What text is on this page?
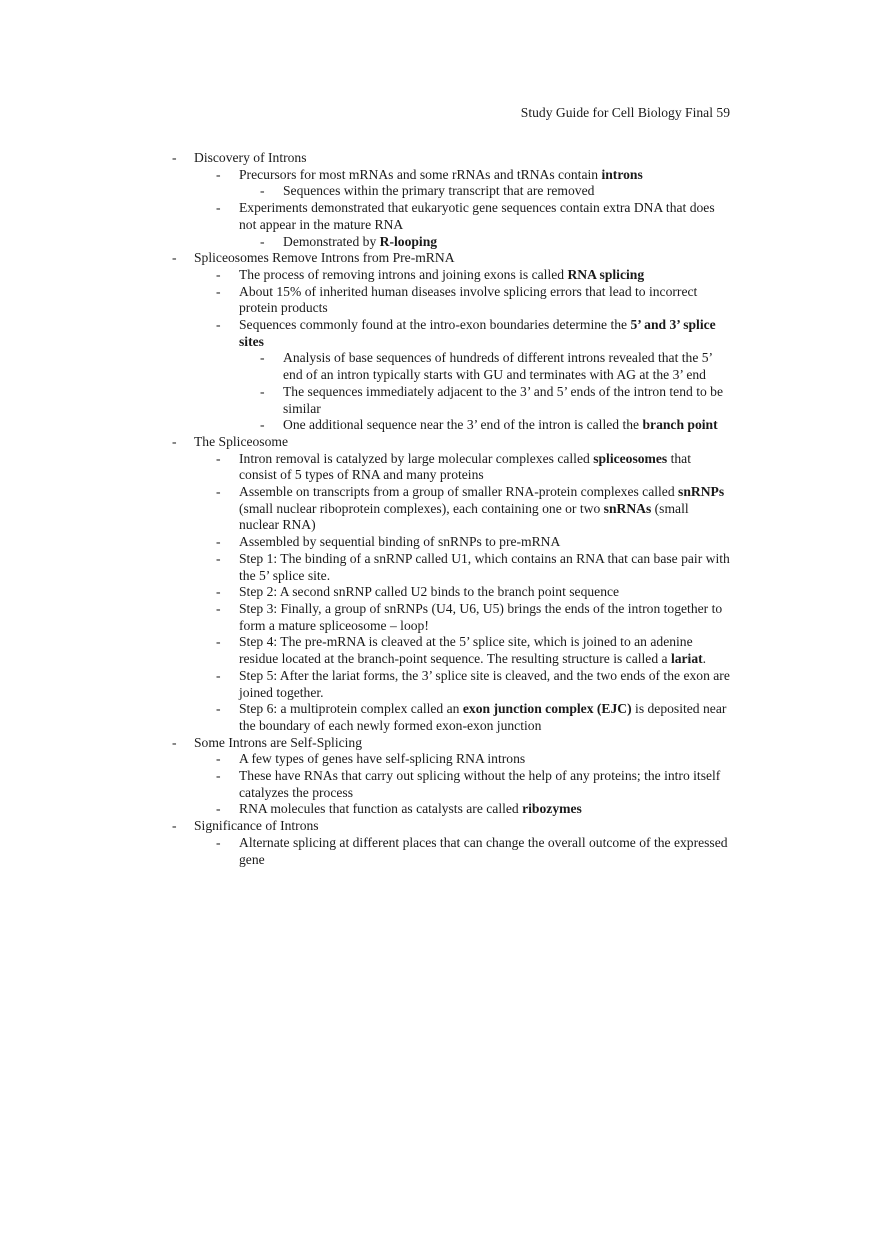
Study Guide for Cell Biology Final 59
- Discovery of Introns
- Precursors for most mRNAs and some rRNAs and tRNAs contain introns
- Sequences within the primary transcript that are removed
- Experiments demonstrated that eukaryotic gene sequences contain extra DNA that does not appear in the mature RNA
- Demonstrated by R-looping
- Spliceosomes Remove Introns from Pre-mRNA
- The process of removing introns and joining exons is called RNA splicing
- About 15% of inherited human diseases involve splicing errors that lead to incorrect protein products
- Sequences commonly found at the intro-exon boundaries determine the 5’ and 3’ splice sites
- Analysis of base sequences of hundreds of different introns revealed that the 5’ end of an intron typically starts with GU and terminates with AG at the 3’ end
- The sequences immediately adjacent to the 3’ and 5’ ends of the intron tend to be similar
- One additional sequence near the 3’ end of the intron is called the branch point
- The Spliceosome
- Intron removal is catalyzed by large molecular complexes called spliceosomes that consist of 5 types of RNA and many proteins
- Assemble on transcripts from a group of smaller RNA-protein complexes called snRNPs (small nuclear riboprotein complexes), each containing one or two snRNAs (small nuclear RNA)
- Assembled by sequential binding of snRNPs to pre-mRNA
- Step 1: The binding of a snRNP called U1, which contains an RNA that can base pair with the 5’ splice site.
- Step 2: A second snRNP called U2 binds to the branch point sequence
- Step 3: Finally, a group of snRNPs (U4, U6, U5) brings the ends of the intron together to form a mature spliceosome – loop!
- Step 4: The pre-mRNA is cleaved at the 5’ splice site, which is joined to an adenine residue located at the branch-point sequence. The resulting structure is called a lariat.
- Step 5: After the lariat forms, the 3’ splice site is cleaved, and the two ends of the exon are joined together.
- Step 6: a multiprotein complex called an exon junction complex (EJC) is deposited near the boundary of each newly formed exon-exon junction
- Some Introns are Self-Splicing
- A few types of genes have self-splicing RNA introns
- These have RNAs that carry out splicing without the help of any proteins; the intro itself catalyzes the process
- RNA molecules that function as catalysts are called ribozymes
- Significance of Introns
- Alternate splicing at different places that can change the overall outcome of the expressed gene
